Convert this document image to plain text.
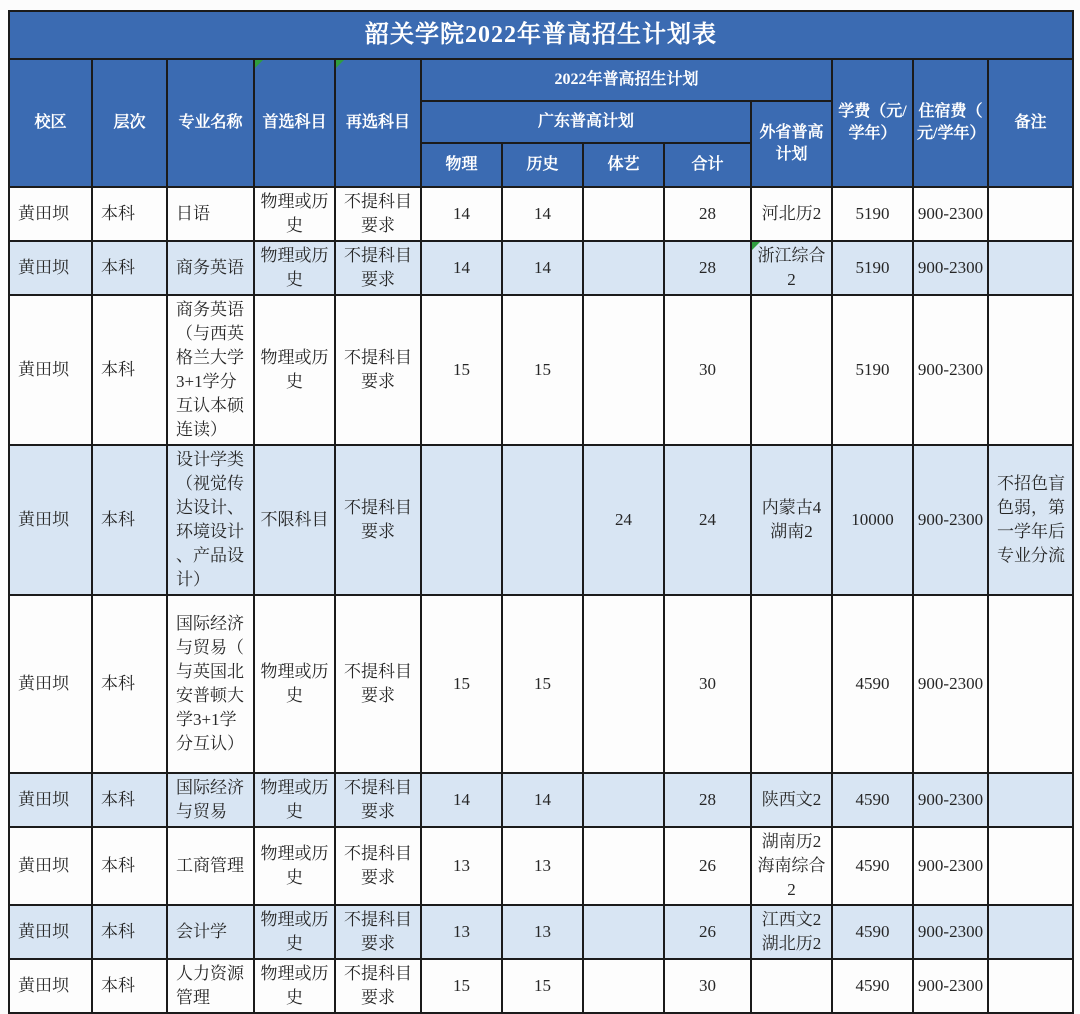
韶关学院2022年普高招生计划表												
校区	层次	专业名称	首选科目	再选科目	2022年普高招生计划					学费（元/学年）	住宿费（元/学年）	备注
					广东普高计划				外省普高计划			
					物理	历史	体艺	合计				
黄田坝	本科	日语	物理或历史	不提科目要求	14	14		28	河北历2	5190	900-2300	
黄田坝	本科	商务英语	物理或历史	不提科目要求	14	14		28	浙江综合2	5190	900-2300	
黄田坝	本科	商务英语（与西英格兰大学3+1学分互认本硕连读）	物理或历史	不提科目要求	15	15		30		5190	900-2300	
黄田坝	本科	设计学类（视觉传达设计、环境设计、产品设计）	不限科目	不提科目要求			24	24	内蒙古4湖南2	10000	900-2300	不招色盲色弱，第一学年后专业分流
黄田坝	本科	国际经济与贸易（与英国北安普顿大学3+1学分互认）	物理或历史	不提科目要求	15	15		30		4590	900-2300	
黄田坝	本科	国际经济与贸易	物理或历史	不提科目要求	14	14		28	陕西文2	4590	900-2300	
黄田坝	本科	工商管理	物理或历史	不提科目要求	13	13		26	湖南历2海南综合2	4590	900-2300	
黄田坝	本科	会计学	物理或历史	不提科目要求	13	13		26	江西文2湖北历2	4590	900-2300	
黄田坝	本科	人力资源管理	物理或历史	不提科目要求	15	15		30		4590	900-2300	
